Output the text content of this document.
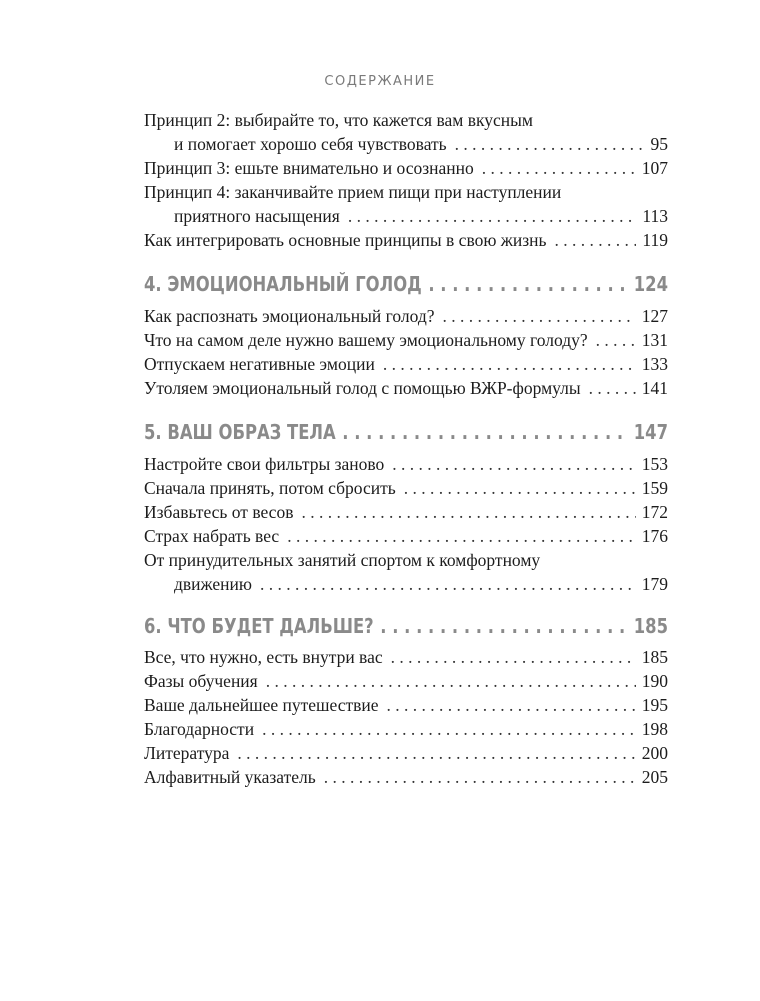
СОДЕРЖАНИЕ
Принцип 2: выбирайте то, что кажется вам вкусным
и помогает хорошо себя чувствовать . . .	95
Принцип 3: ешьте внимательно и осознанно . . .	107
Принцип 4: заканчивайте прием пищи при наступлении
приятного насыщения . . .	113
Как интегрировать основные принципы в свою жизнь . . .	119
4. ЭМОЦИОНАЛЬНЫЙ ГОЛОД . . .	124
Как распознать эмоциональный голод? . . .	127
Что на самом деле нужно вашему эмоциональному голоду? . . .	131
Отпускаем негативные эмоции . . .	133
Утоляем эмоциональный голод с помощью ВЖР-формулы . . .	141
5. ВАШ ОБРАЗ ТЕЛА . . .	147
Настройте свои фильтры заново . . .	153
Сначала принять, потом сбросить . . .	159
Избавьтесь от весов . . .	172
Страх набрать вес . . .	176
От принудительных занятий спортом к комфортному
движению . . .	179
6. ЧТО БУДЕТ ДАЛЬШЕ? . . .	185
Все, что нужно, есть внутри вас . . .	185
Фазы обучения . . .	190
Ваше дальнейшее путешествие . . .	195
Благодарности . . .	198
Литература . . .	200
Алфавитный указатель . . .	205
